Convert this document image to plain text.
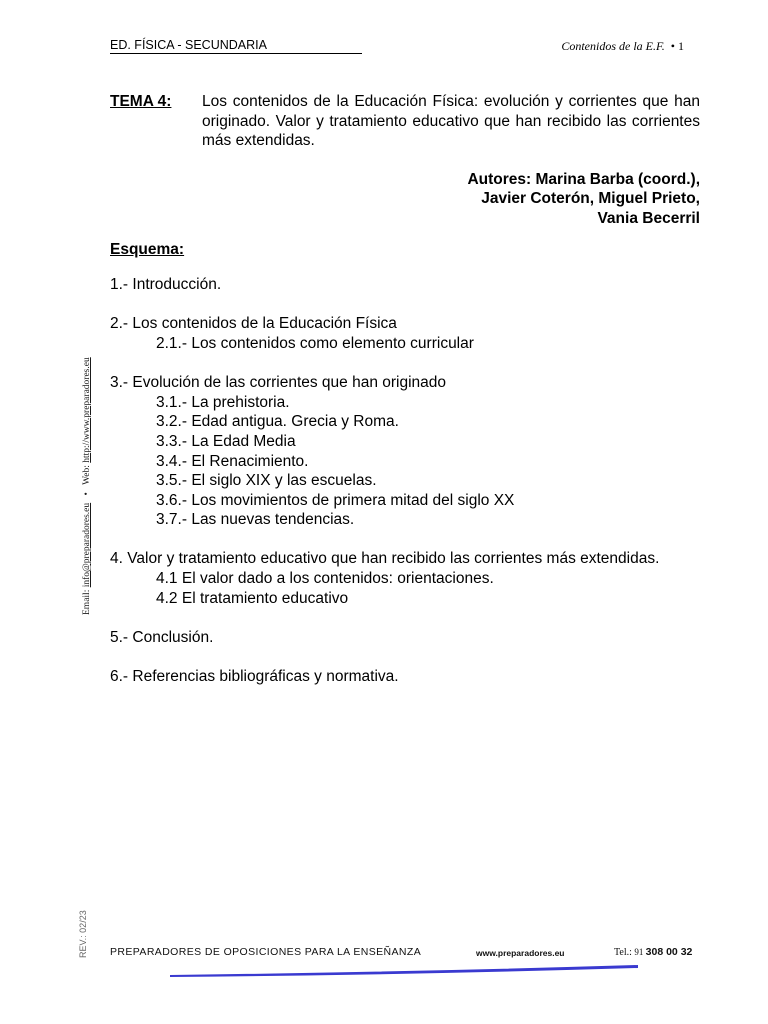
ED. FÍSICA - SECUNDARIA	Contenidos de la E.F. • 1
Email: info@preparadores.eu • Web: http://www.preparadores.eu
REV.: 02/23
TEMA 4:	Los contenidos de la Educación Física: evolución y corrientes que han originado. Valor y tratamiento educativo que han recibido las corrientes más extendidas.
Autores: Marina Barba (coord.),
Javier Coterón, Miguel Prieto,
Vania Becerril
Esquema:
1.- Introducción.
2.- Los contenidos de la Educación Física
2.1.- Los contenidos como elemento curricular
3.- Evolución de las corrientes que han originado
3.1.- La prehistoria.
3.2.- Edad antigua. Grecia y Roma.
3.3.- La Edad Media
3.4.- El Renacimiento.
3.5.- El siglo XIX y las escuelas.
3.6.- Los movimientos de primera mitad del siglo XX
3.7.- Las nuevas tendencias.
4. Valor y tratamiento educativo que han recibido las corrientes más extendidas.
4.1 El valor dado a los contenidos: orientaciones.
4.2 El tratamiento educativo
5.- Conclusión.
6.- Referencias bibliográficas y normativa.
PREPARADORES DE OPOSICIONES PARA LA ENSEÑANZA	www.preparadores.eu	Tel.: 91 308 00 32
